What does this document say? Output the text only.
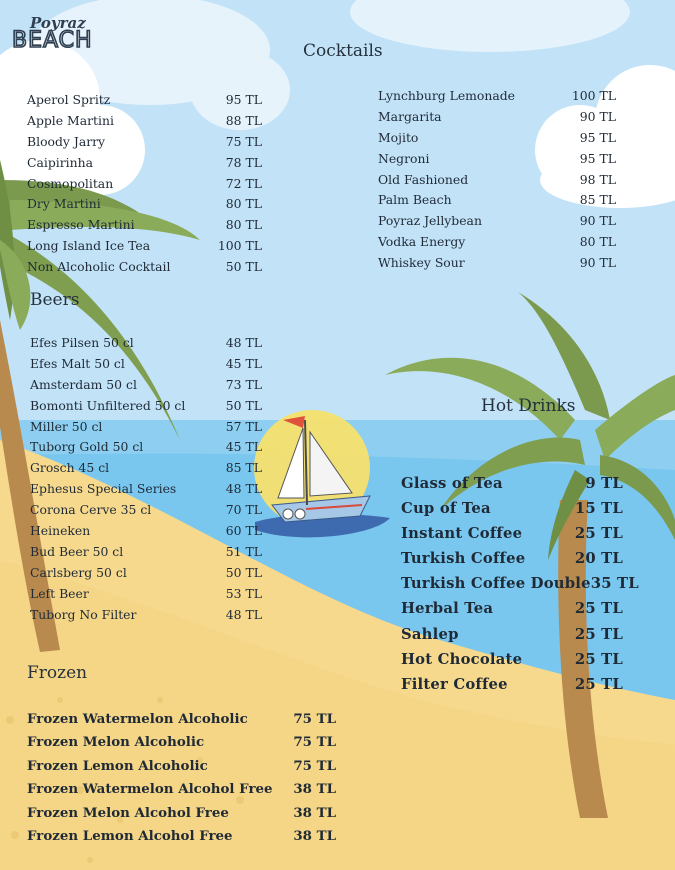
Poyraz
BEACH	Cocktails
Aperol Spritz	95 TL
Apple Martini	88 TL
Bloody Jarry	75 TL
Caipirinha	78 TL
Cosmopolitan	72 TL
Dry Martini	80 TL
Espresso Martini	80 TL
Long Island Ice Tea	100 TL
Non Alcoholic Cocktail	50 TL
Lynchburg Lemonade	100 TL
Margarita	90 TL
Mojito	95 TL
Negroni	95 TL
Old Fashioned	98 TL
Palm Beach	85 TL
Poyraz Jellybean	90 TL
Vodka Energy	80 TL
Whiskey Sour	90 TL
Beers
Efes Pilsen 50 cl	48 TL
Efes Malt 50 cl	45 TL
Amsterdam 50 cl	73 TL
Bomonti Unfiltered 50 cl	50 TL
Miller 50 cl	57 TL
Tuborg Gold 50 cl	45 TL
Grosch 45 cl	85 TL
Ephesus Special Series	48 TL
Corona Cerve 35 cl	70 TL
Heineken	60 TL
Bud Beer 50 cl	51 TL
Carlsberg 50 cl	50 TL
Left Beer	53 TL
Tuborg No Filter	48 TL
Hot Drinks
Glass of Tea	9 TL
Cup of Tea	15 TL
Instant Coffee	25 TL
Turkish Coffee	20 TL
Turkish Coffee Double 35 TL
Herbal Tea	25 TL
Sahlep	25 TL
Hot Chocolate	25 TL
Filter Coffee	25 TL
Frozen
Frozen Watermelon Alcoholic	75 TL
Frozen Melon Alcoholic	75 TL
Frozen Lemon Alcoholic	75 TL
Frozen Watermelon Alcohol Free 38 TL
Frozen Melon Alcohol Free	38 TL
Frozen Lemon Alcohol Free	38 TL
